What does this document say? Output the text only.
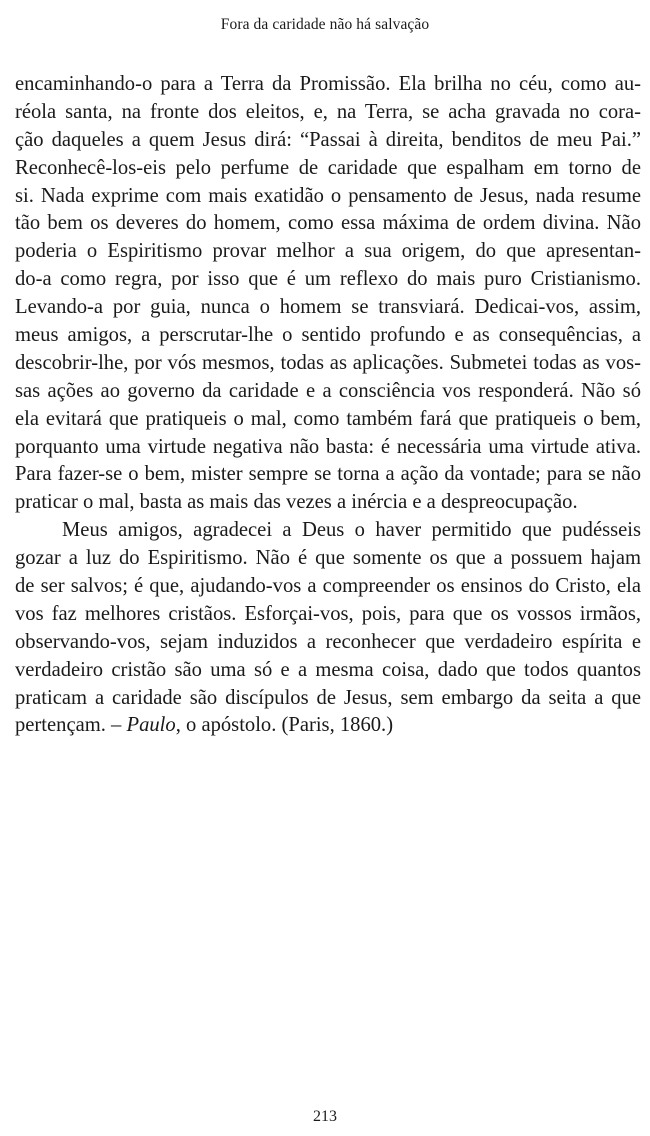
Fora da caridade não há salvação
encaminhando-o para a Terra da Promissão. Ela brilha no céu, como au-
réola santa, na fronte dos eleitos, e, na Terra, se acha gravada no cora-
ção daqueles a quem Jesus dirá: “Passai à direita, benditos de meu Pai.”
Reconhecê-los-eis pelo perfume de caridade que espalham em torno de
si. Nada exprime com mais exatidão o pensamento de Jesus, nada resume
tão bem os deveres do homem, como essa máxima de ordem divina. Não
poderia o Espiritismo provar melhor a sua origem, do que apresentan-
do-a como regra, por isso que é um reflexo do mais puro Cristianismo.
Levando-a por guia, nunca o homem se transviará. Dedicai-vos, assim,
meus amigos, a perscrutar-lhe o sentido profundo e as consequências, a
descobrir-lhe, por vós mesmos, todas as aplicações. Submetei todas as vos-
sas ações ao governo da caridade e a consciência vos responderá. Não só
ela evitará que pratiqueis o mal, como também fará que pratiqueis o bem,
porquanto uma virtude negativa não basta: é necessária uma virtude ativa.
Para fazer-se o bem, mister sempre se torna a ação da vontade; para se não
praticar o mal, basta as mais das vezes a inércia e a despreocupação.
Meus amigos, agradecei a Deus o haver permitido que pudésseis
gozar a luz do Espiritismo. Não é que somente os que a possuem hajam
de ser salvos; é que, ajudando-vos a compreender os ensinos do Cristo, ela
vos faz melhores cristãos. Esforçai-vos, pois, para que os vossos irmãos,
observando-vos, sejam induzidos a reconhecer que verdadeiro espírita e
verdadeiro cristão são uma só e a mesma coisa, dado que todos quantos
praticam a caridade são discípulos de Jesus, sem embargo da seita a que
pertençam. – Paulo, o apóstolo. (Paris, 1860.)
213
